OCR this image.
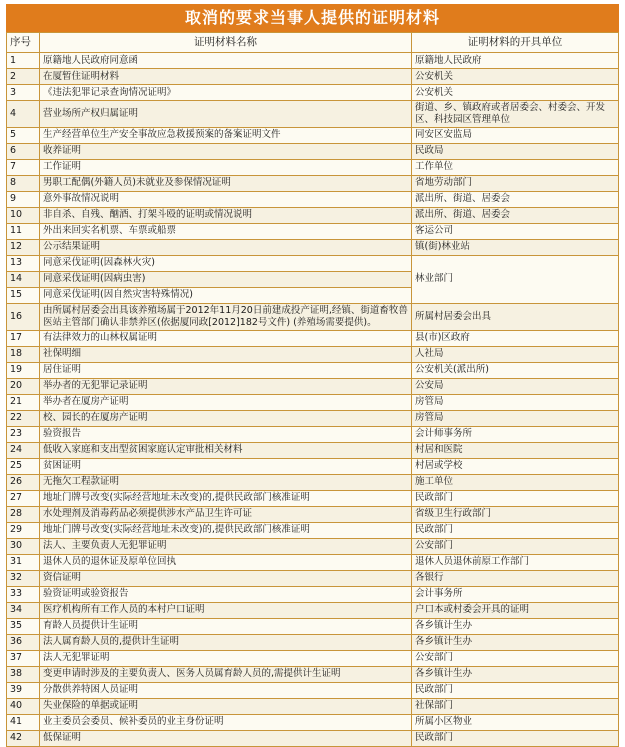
取消的要求当事人提供的证明材料
序号	证明材料名称	证明材料的开具单位
1	原籍地人民政府同意函	原籍地人民政府
2	在厦暂住证明材料	公安机关
3	《违法犯罪记录查询情况证明》	公安机关
4	营业场所产权归属证明	街道、乡、镇政府或者居委会、村委会、开发区、科技园区管理单位
5	生产经营单位生产安全事故应急救援预案的备案证明文件	同安区安监局
6	收养证明	民政局
7	工作证明	工作单位
8	男职工配偶(外籍人员)未就业及参保情况证明	省地劳动部门
9	意外事故情况说明	派出所、街道、居委会
10	非自杀、自残、酗酒、打架斗殴的证明或情况说明	派出所、街道、居委会
11	外出来回实名机票、车票或船票	客运公司
12	公示结果证明	镇(街)林业站
13	同意采伐证明(因森林火灾)	林业部门
14	同意采伐证明(因病虫害)	
15	同意采伐证明(因自然灾害特殊情况)	
16	由所属村居委会出具该养殖场属于2012年11月20日前建成投产证明,经镇、街道畜牧兽医站主管部门确认非禁养区(依据厦同政[2012]182号文件) (养殖场需要提供)。	所属村居委会出具
17	有法律效力的山林权属证明	县(市)区政府
18	社保明细	人社局
19	居住证明	公安机关(派出所)
20	举办者的无犯罪记录证明	公安局
21	举办者在厦房产证明	房管局
22	校、园长的在厦房产证明	房管局
23	验资报告	会计师事务所
24	低收入家庭和支出型贫困家庭认定审批相关材料	村居和医院
25	贫困证明	村居或学校
26	无拖欠工程款证明	施工单位
27	地址门牌号改变(实际经营地址未改变)的,提供民政部门核准证明	民政部门
28	水处理剂及消毒药品必须提供涉水产品卫生许可证	省级卫生行政部门
29	地址门牌号改变(实际经营地址未改变)的,提供民政部门核准证明	民政部门
30	法人、主要负责人无犯罪证明	公安部门
31	退休人员的退休证及原单位回执	退休人员退休前原工作部门
32	资信证明	各银行
33	验资证明或验资报告	会计事务所
34	医疗机构所有工作人员的本村户口证明	户口本或村委会开具的证明
35	育龄人员提供计生证明	各乡镇计生办
36	法人属育龄人员的,提供计生证明	各乡镇计生办
37	法人无犯罪证明	公安部门
38	变更申请时涉及的主要负责人、医务人员属育龄人员的,需提供计生证明	各乡镇计生办
39	分散供养特困人员证明	民政部门
40	失业保险的单据或证明	社保部门
41	业主委员会委员、候补委员的业主身份证明	所属小区物业
42	低保证明	民政部门
